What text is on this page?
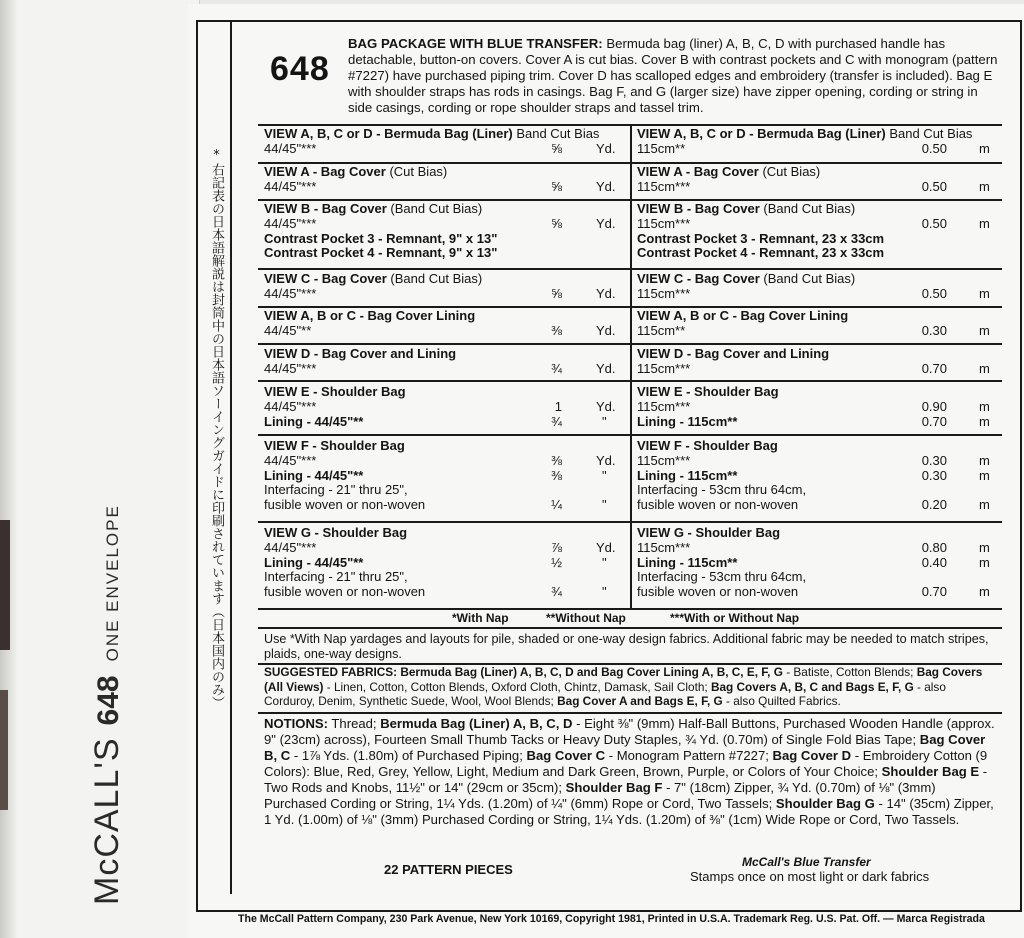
McCALL'S648ONE ENVELOPE	*右記表の日本語解説は封筒中の日本語ソーイングガイドに印刷されています（日本国内のみ）
648
BAG PACKAGE WITH BLUE TRANSFER: Bermuda bag (liner) A, B, C, D with purchased handle has detachable, button-on covers. Cover A is cut bias. Cover B with contrast pockets and C with monogram (pattern #7227) have purchased piping trim. Cover D has scalloped edges and embroidery (transfer is included). Bag E with shoulder straps has rods in casings. Bag F, and G (larger size) have zipper opening, cording or string in side casings, cording or rope shoulder straps and tassel trim.
VIEW A, B, C or D - Bermuda Bag (Liner) Band Cut Bias
44/45"***	⅝	Yd.
VIEW A - Bag Cover (Cut Bias)
44/45"***	⅝	Yd.
VIEW B - Bag Cover (Band Cut Bias)
44/45"***	⅝	Yd.
Contrast Pocket 3 - Remnant, 9" x 13"
Contrast Pocket 4 - Remnant, 9" x 13"
VIEW C - Bag Cover (Band Cut Bias)
44/45"***	⅝	Yd.
VIEW A, B or C - Bag Cover Lining
44/45"**	⅜	Yd.
VIEW D - Bag Cover and Lining
44/45"***	¾	Yd.
VIEW E - Shoulder Bag
44/45"***	1	Yd.
Lining - 44/45"**	¾	"
VIEW F - Shoulder Bag
44/45"***	⅜	Yd.
Lining - 44/45"**	⅜	"
Interfacing - 21" thru 25",
fusible woven or non-woven	¼	"
VIEW G - Shoulder Bag
44/45"***	⅞	Yd.
Lining - 44/45"**	½	"
Interfacing - 21" thru 25",
fusible woven or non-woven	¾	"
VIEW A, B, C or D - Bermuda Bag (Liner) Band Cut Bias
115cm**	0.50 m
VIEW A - Bag Cover (Cut Bias)
115cm***	0.50 m
VIEW B - Bag Cover (Band Cut Bias)
115cm***	0.50 m
Contrast Pocket 3 - Remnant, 23 x 33cm
Contrast Pocket 4 - Remnant, 23 x 33cm
VIEW C - Bag Cover (Band Cut Bias)
115cm***	0.50 m
VIEW A, B or C - Bag Cover Lining
115cm**	0.30 m
VIEW D - Bag Cover and Lining
115cm***	0.70 m
VIEW E - Shoulder Bag
115cm***	0.90 m
Lining - 115cm**	0.70 m
VIEW F - Shoulder Bag
115cm***	0.30 m
Lining - 115cm**	0.30 m
Interfacing - 53cm thru 64cm,
fusible woven or non-woven	0.20 m
VIEW G - Shoulder Bag
115cm***	0.80 m
Lining - 115cm**	0.40 m
Interfacing - 53cm thru 64cm,
fusible woven or non-woven	0.70 m
*With Nap	**Without Nap	***With or Without Nap
Use *With Nap yardages and layouts for pile, shaded or one-way design fabrics. Additional fabric may be needed to match stripes, plaids, one-way designs.
SUGGESTED FABRICS: Bermuda Bag (Liner) A, B, C, D and Bag Cover Lining A, B, C, E, F, G - Batiste, Cotton Blends; Bag Covers (All Views) - Linen, Cotton, Cotton Blends, Oxford Cloth, Chintz, Damask, Sail Cloth; Bag Covers A, B, C and Bags E, F, G - also Corduroy, Denim, Synthetic Suede, Wool, Wool Blends; Bag Cover A and Bags E, F, G - also Quilted Fabrics.
NOTIONS: Thread; Bermuda Bag (Liner) A, B, C, D - Eight ⅜" (9mm) Half-Ball Buttons, Purchased Wooden Handle (approx. 9" (23cm) across), Fourteen Small Thumb Tacks or Heavy Duty Staples, ¾ Yd. (0.70m) of Single Fold Bias Tape; Bag Cover B, C - 1⅞ Yds. (1.80m) of Purchased Piping; Bag Cover C - Monogram Pattern #7227; Bag Cover D - Embroidery Cotton (9 Colors): Blue, Red, Grey, Yellow, Light, Medium and Dark Green, Brown, Purple, or Colors of Your Choice; Shoulder Bag E - Two Rods and Knobs, 11½" or 14" (29cm or 35cm); Shoulder Bag F - 7" (18cm) Zipper, ¾ Yd. (0.70m) of ⅛" (3mm) Purchased Cording or String, 1¼ Yds. (1.20m) of ¼" (6mm) Rope or Cord, Two Tassels; Shoulder Bag G - 14" (35cm) Zipper, 1 Yd. (1.00m) of ⅛" (3mm) Purchased Cording or String, 1¼ Yds. (1.20m) of ⅜" (1cm) Wide Rope or Cord, Two Tassels.
22 PATTERN PIECES	McCall's Blue Transfer
Stamps once on most light or dark fabrics
The McCall Pattern Company, 230 Park Avenue, New York 10169, Copyright 1981, Printed in U.S.A. Trademark Reg. U.S. Pat. Off. — Marca Registrada
